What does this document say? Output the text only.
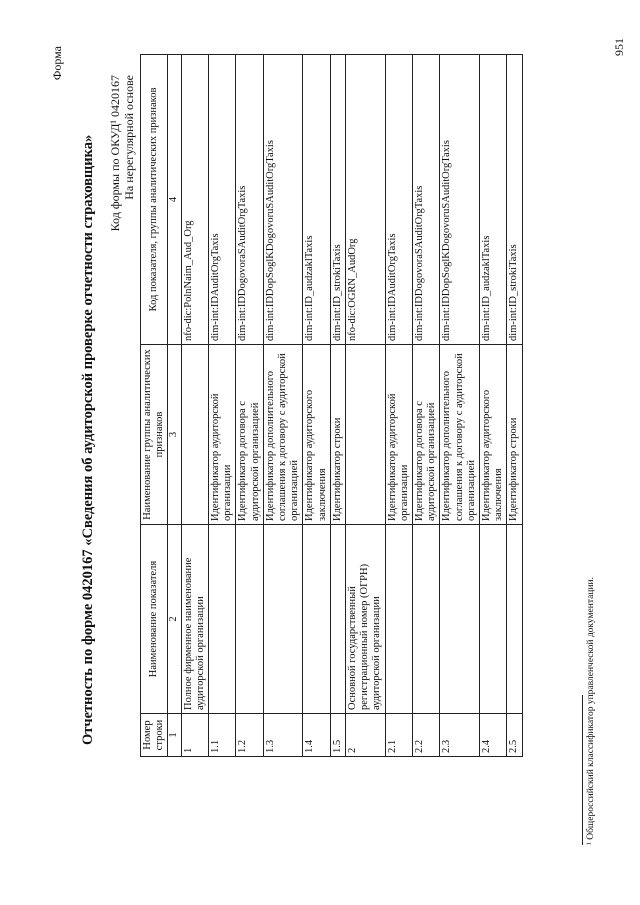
Форма
Отчетность по форме 0420167 «Сведения об аудиторской проверке отчетности страховщика» Код формы по ОКУД¹ 0420167 На нерегулярной основе
Номер строки	Наименование показателя	Наименование группы аналитических признаков	Код показателя, группы аналитических признаков
1	2	3	4
1	Полное фирменное наименование аудиторской организации		nfo-dic:PolnNaim_Aud_Org
1.1		Идентификатор аудиторской организации	dim-int:IDAuditOrgTaxis
1.2		Идентификатор договора с аудиторской организацией	dim-int:IDDogovoraSAuditOrgTaxis
1.3		Идентификатор дополнительного соглашения к договору с аудиторской организацией	dim-int:IDDopSoglKDogovoruSAuditOrgTaxis
1.4		Идентификатор аудиторского заключения	dim-int:ID_audzaklTaxis
1.5		Идентификатор строки	dim-int:ID_strokiTaxis
2	Основной государственный регистрационный номер (ОГРН) аудиторской организации		nfo-dic:OGRN_AudOrg
2.1		Идентификатор аудиторской организации	dim-int:IDAuditOrgTaxis
2.2		Идентификатор договора с аудиторской организацией	dim-int:IDDogovoraSAuditOrgTaxis
2.3		Идентификатор дополнительного соглашения к договору с аудиторской организацией	dim-int:IDDopSoglKDogovoruSAuditOrgTaxis
2.4		Идентификатор аудиторского заключения	dim-int:ID_audzaklTaxis
2.5		Идентификатор строки	dim-int:ID_strokiTaxis
¹ Общероссийский классификатор управленческой документации.
951
